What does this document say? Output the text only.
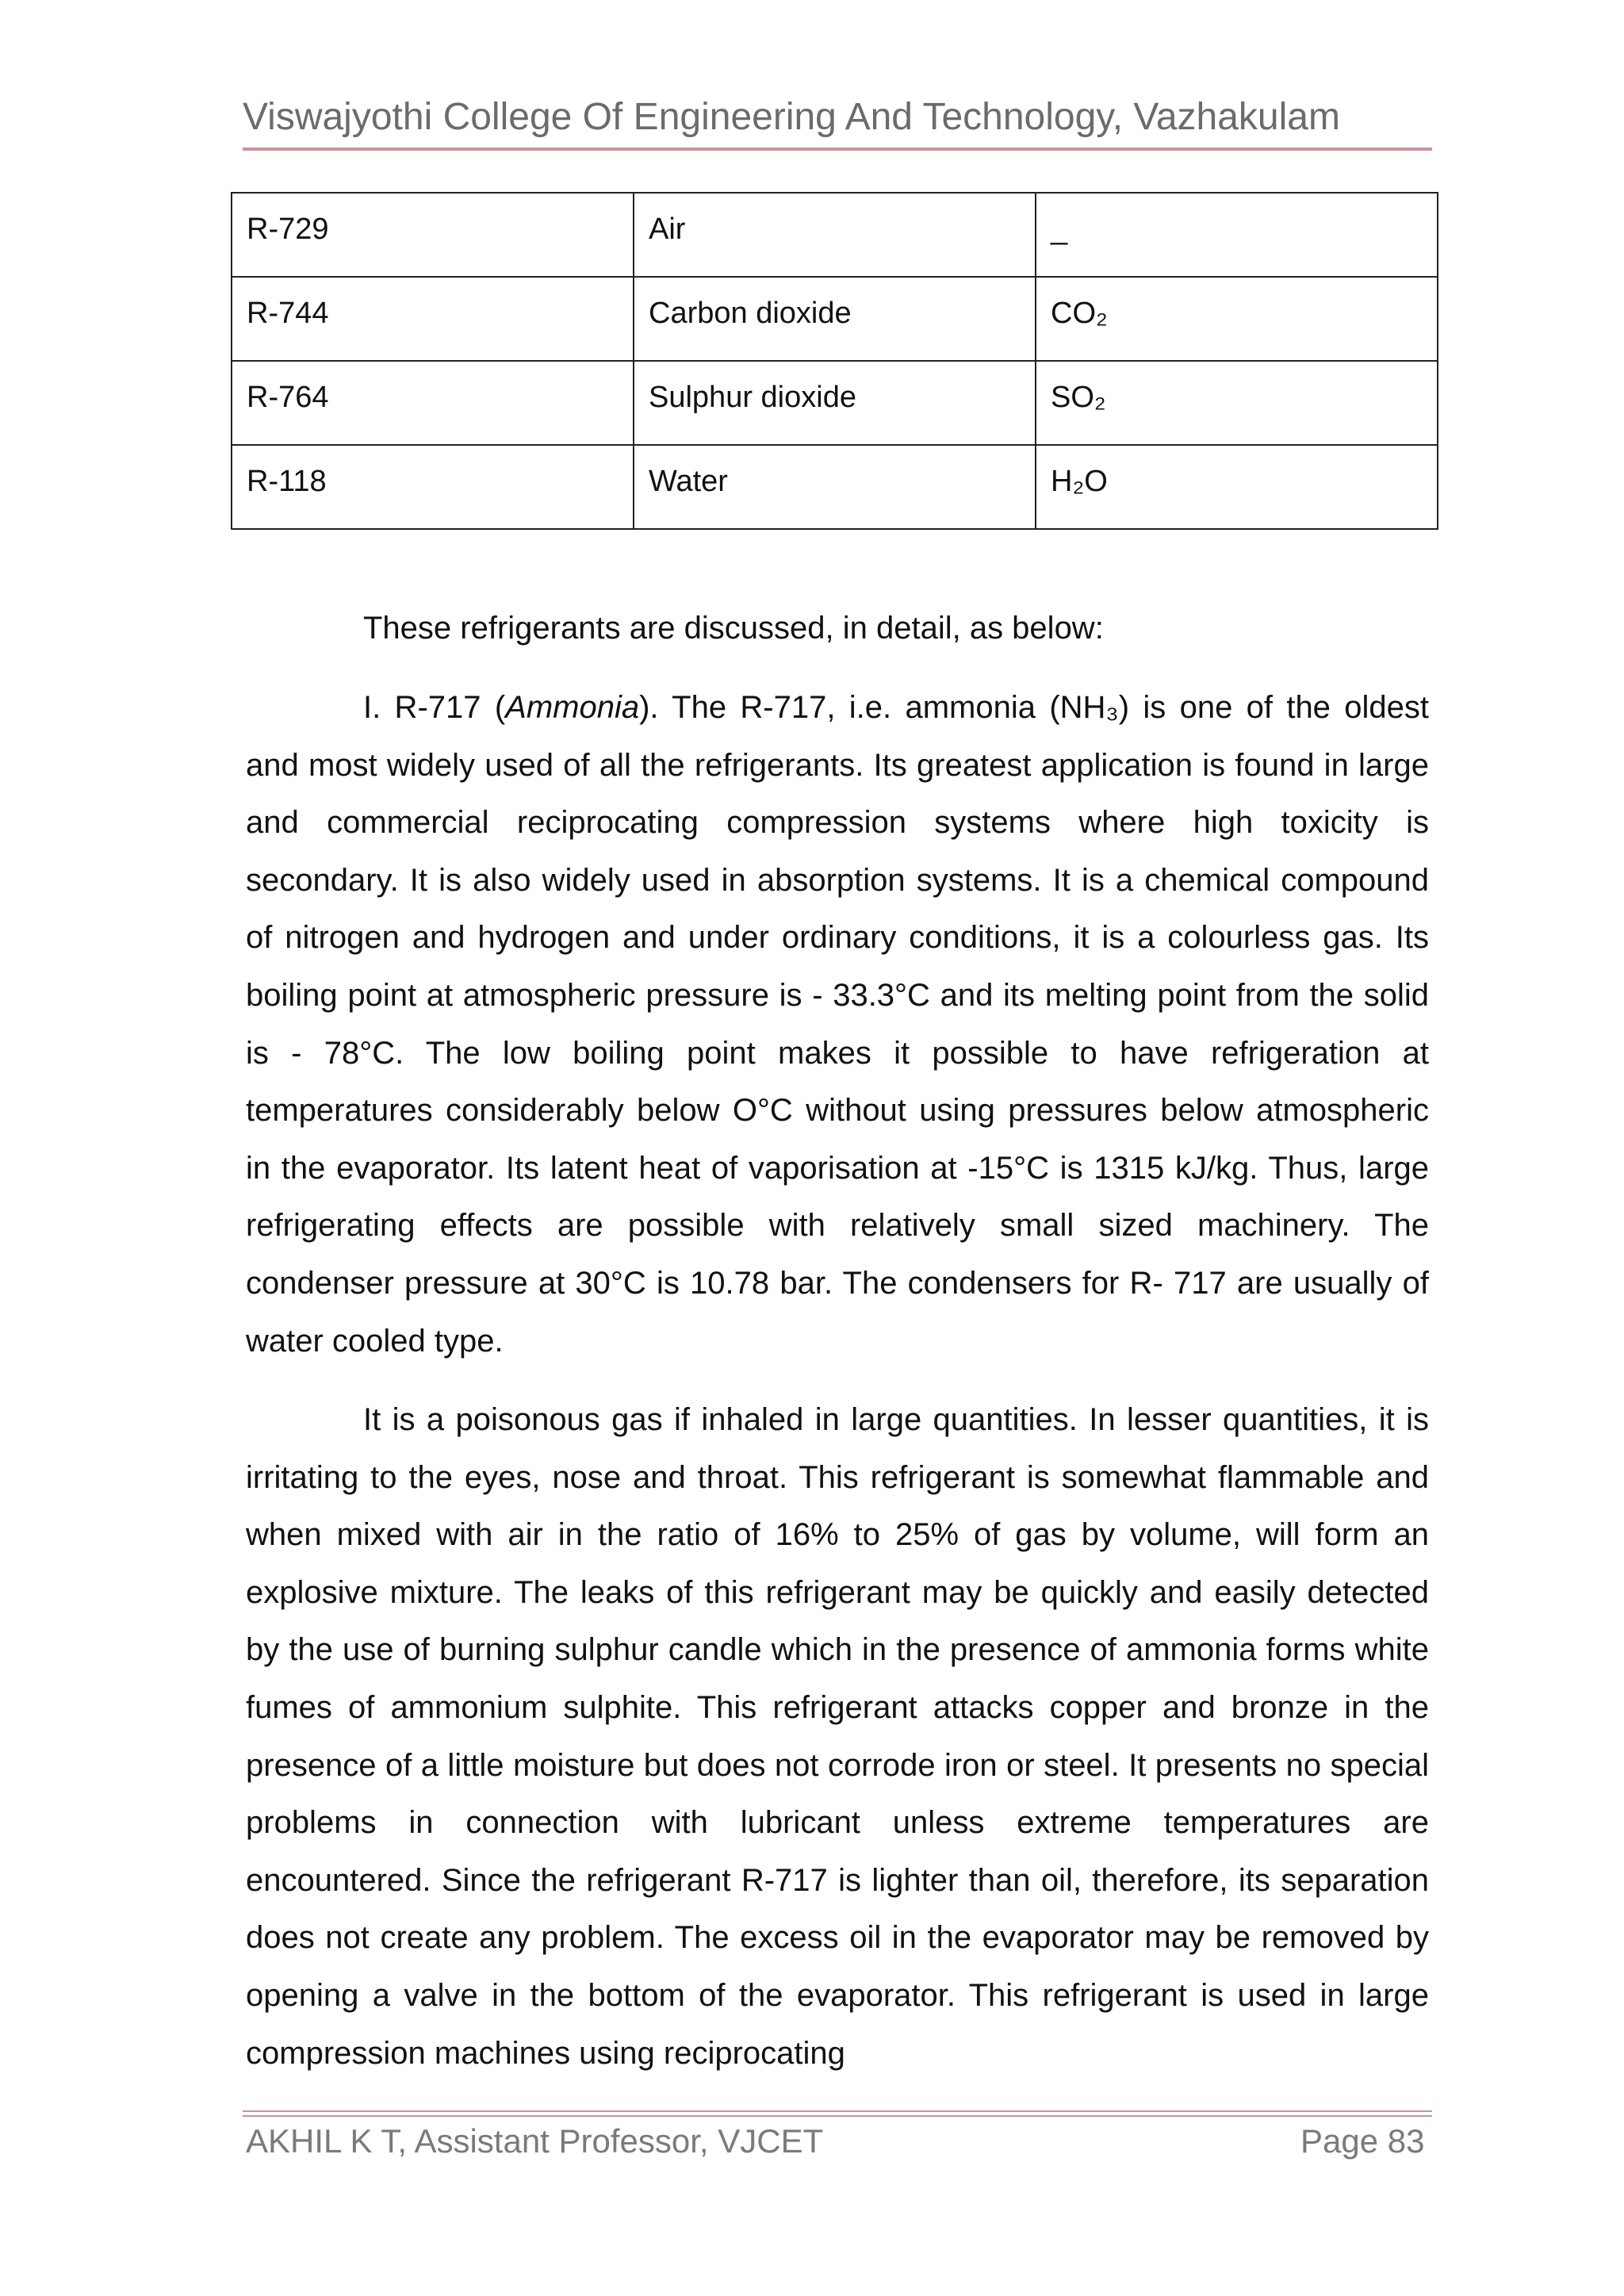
Viswajyothi College Of Engineering And Technology, Vazhakulam
R-729	Air	_
R-744	Carbon dioxide	CO₂
R-764	Sulphur dioxide	SO₂
R-118	Water	H₂O
These refrigerants are discussed, in detail, as below:

I. R-717 (Ammonia). The R-717, i.e. ammonia (NH₃) is one of the oldest and most widely used of all the refrigerants. Its greatest application is found in large and commercial reciprocating compression systems where high toxicity is secondary. It is also widely used in absorption systems. It is a chemical compound of nitrogen and hydrogen and under ordinary conditions, it is a colourless gas. Its boiling point at atmospheric pressure is - 33.3°C and its melting point from the solid is - 78°C. The low boiling point makes it possible to have refrigeration at temperatures considerably below O°C without using pressures below atmospheric in the evaporator. Its latent heat of vaporisation at -15°C is 1315 kJ/kg. Thus, large refrigerating effects are possible with relatively small sized machinery. The condenser pressure at 30°C is 10.78 bar. The condensers for R- 717 are usually of water cooled type.

It is a poisonous gas if inhaled in large quantities. In lesser quantities, it is irritating to the eyes, nose and throat. This refrigerant is somewhat flammable and when mixed with air in the ratio of 16% to 25% of gas by volume, will form an explosive mixture. The leaks of this refrigerant may be quickly and easily detected by the use of burning sulphur candle which in the presence of ammonia forms white fumes of ammonium sulphite. This refrigerant attacks copper and bronze in the presence of a little moisture but does not corrode iron or steel. It presents no special problems in connection with lubricant unless extreme temperatures are encountered. Since the refrigerant R-717 is lighter than oil, therefore, its separation does not create any problem. The excess oil in the evaporator may be removed by opening a valve in the bottom of the evaporator. This refrigerant is used in large compression machines using reciprocating

AKHIL K T, Assistant Professor, VJCET	Page 83
